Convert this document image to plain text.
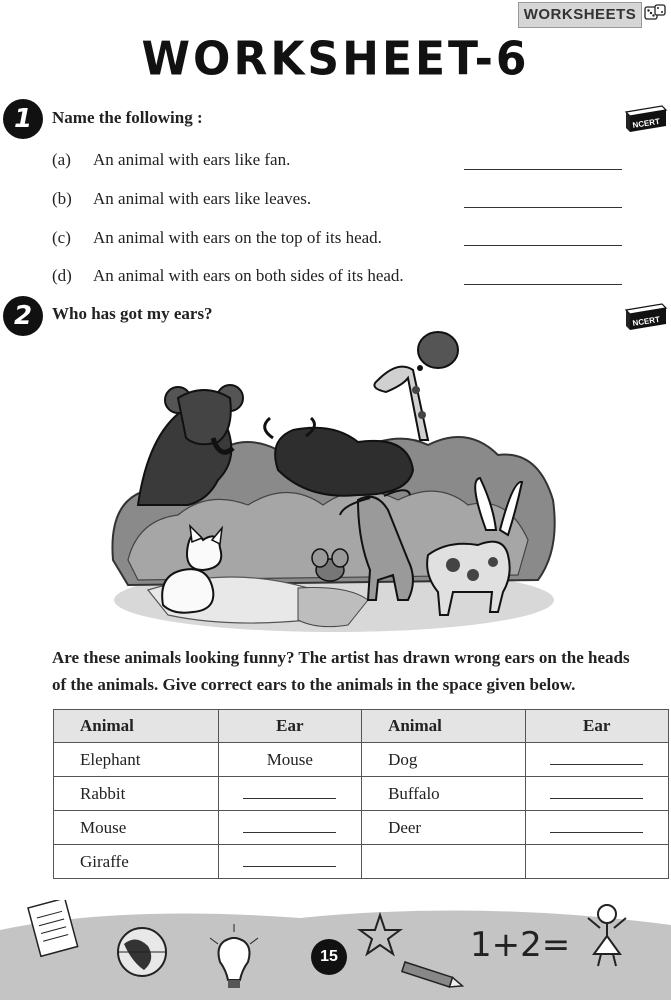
WORKSHEETS
WORKSHEET-6
1	Name the following :	NCERT
(a)	An animal with ears like fan.
(b)	An animal with ears like leaves.
(c)	An animal with ears on the top of its head.
(d)	An animal with ears on both sides of its head.
2	Who has got my ears?	NCERT
Are these animals looking funny? The artist has drawn wrong ears on the heads
of the animals. Give correct ears to the animals in the space given below.
Animal	Ear	Animal	Ear
Elephant	Mouse	Dog	
Rabbit		Buffalo	
Mouse		Deer	
Giraffe			
1+2=
15
